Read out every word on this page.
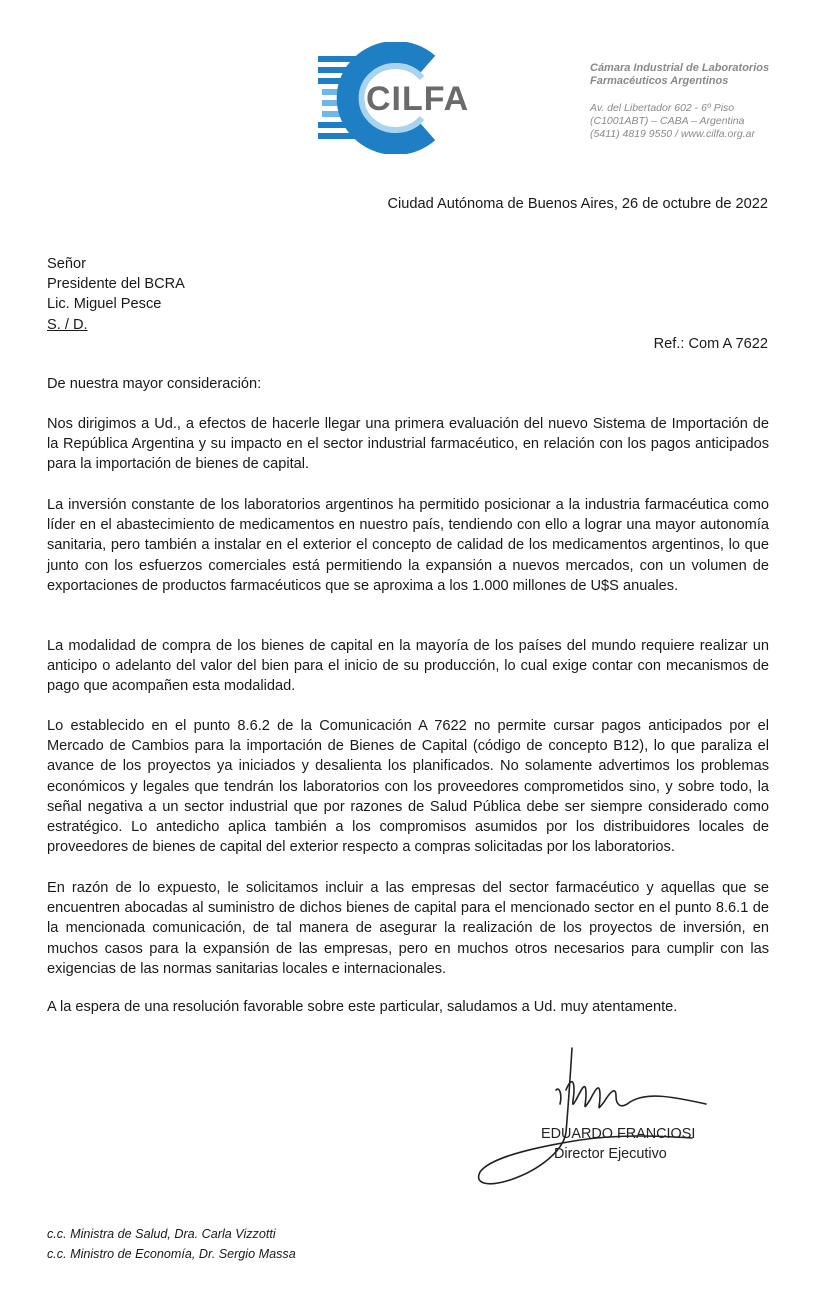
CILFA
Cámara Industrial de Laboratorios
Farmacéuticos Argentinos
Av. del Libertador 602 - 6º Piso
(C1001ABT) – CABA – Argentina
(5411) 4819 9550 / www.cilfa.org.ar
Ciudad Autónoma de Buenos Aires, 26 de octubre de 2022
Señor
Presidente del BCRA
Lic. Miguel Pesce
S. / D.
Ref.: Com A 7622
De nuestra mayor consideración:
Nos dirigimos a Ud., a efectos de hacerle llegar una primera evaluación del nuevo Sistema de Importación de la República Argentina y su impacto en el sector industrial farmacéutico, en relación con los pagos anticipados para la importación de bienes de capital.
La inversión constante de los laboratorios argentinos ha permitido posicionar a la industria farmacéutica como líder en el abastecimiento de medicamentos en nuestro país, tendiendo con ello a lograr una mayor autonomía sanitaria, pero también a instalar en el exterior el concepto de calidad de los medicamentos argentinos, lo que junto con los esfuerzos comerciales está permitiendo la expansión a nuevos mercados, con un volumen de exportaciones de productos farmacéuticos que se aproxima a los 1.000 millones de U$S anuales.
La modalidad de compra de los bienes de capital en la mayoría de los países del mundo requiere realizar un anticipo o adelanto del valor del bien para el inicio de su producción, lo cual exige contar con mecanismos de pago que acompañen esta modalidad.
Lo establecido en el punto 8.6.2 de la Comunicación A 7622 no permite cursar pagos anticipados por el Mercado de Cambios para la importación de Bienes de Capital (código de concepto B12), lo que paraliza el avance de los proyectos ya iniciados y desalienta los planificados. No solamente advertimos los problemas económicos y legales que tendrán los laboratorios con los proveedores comprometidos sino, y sobre todo, la señal negativa a un sector industrial que por razones de Salud Pública debe ser siempre considerado como estratégico. Lo antedicho aplica también a los compromisos asumidos por los distribuidores locales de proveedores de bienes de capital del exterior respecto a compras solicitadas por los laboratorios.
En razón de lo expuesto, le solicitamos incluir a las empresas del sector farmacéutico y aquellas que se encuentren abocadas al suministro de dichos bienes de capital para el mencionado sector en el punto 8.6.1 de la mencionada comunicación, de tal manera de asegurar la realización de los proyectos de inversión, en muchos casos para la expansión de las empresas, pero en muchos otros necesarios para cumplir con las exigencias de las normas sanitarias locales e internacionales.
A la espera de una resolución favorable sobre este particular, saludamos a Ud. muy atentamente.
EDUARDO FRANCIOSI
Director Ejecutivo
c.c. Ministra de Salud, Dra. Carla Vizzotti
c.c. Ministro de Economía, Dr. Sergio Massa
